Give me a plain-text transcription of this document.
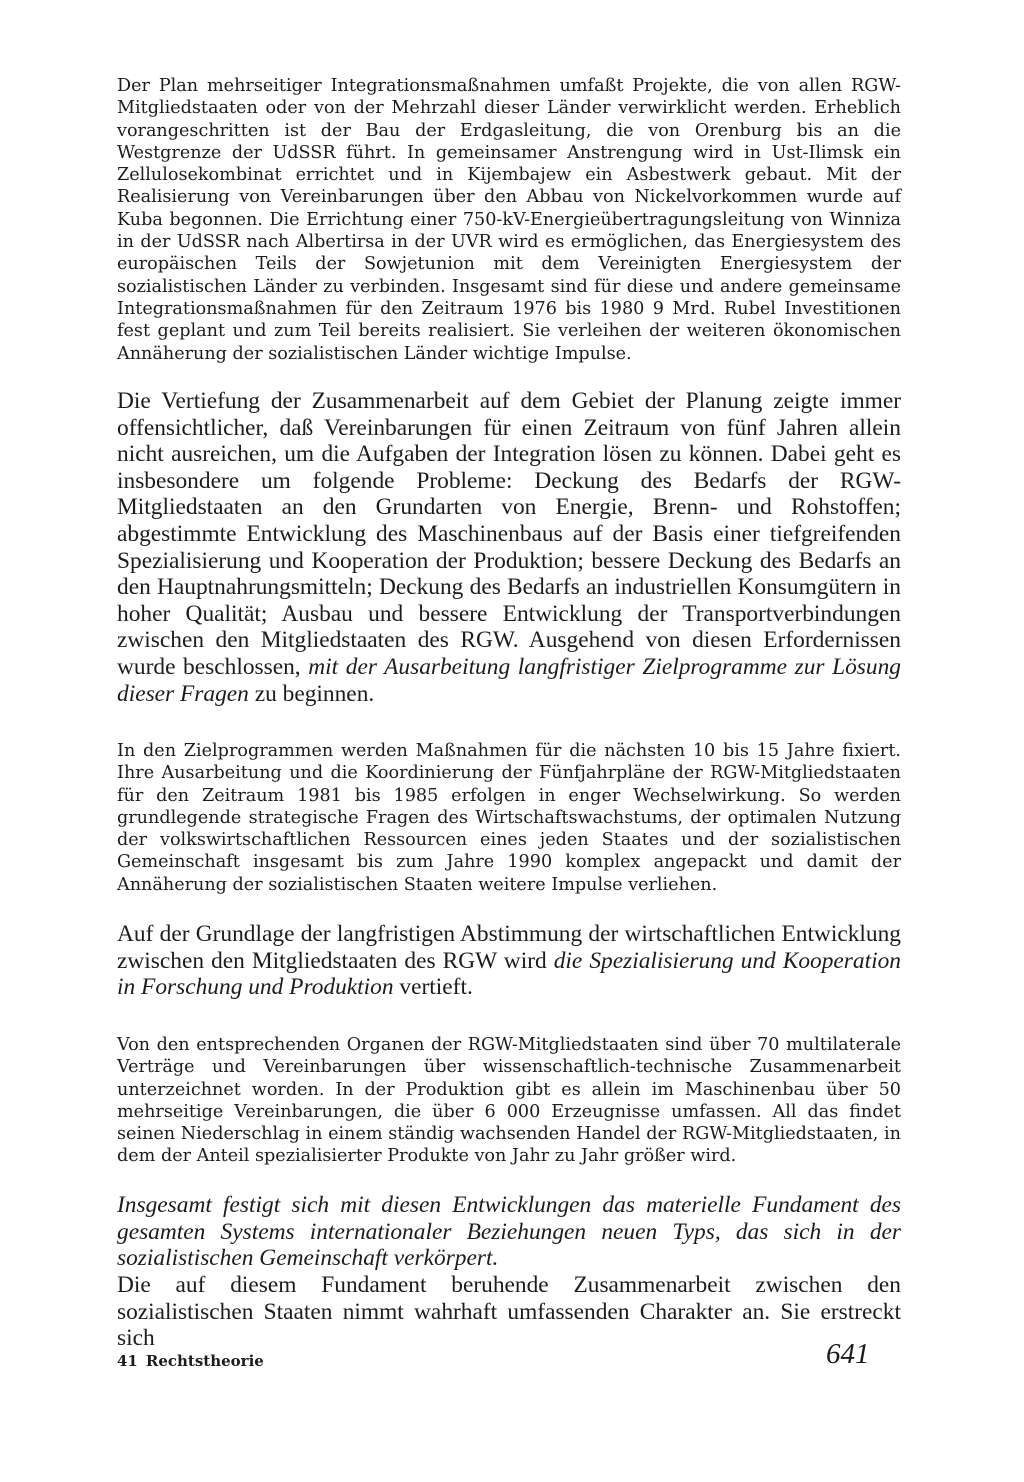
Der Plan mehrseitiger Integrationsmaßnahmen umfaßt Projekte, die von allen RGW-Mitgliedstaaten oder von der Mehrzahl dieser Länder verwirklicht werden. Erheblich vorangeschritten ist der Bau der Erdgasleitung, die von Orenburg bis an die Westgrenze der UdSSR führt. In gemeinsamer Anstrengung wird in Ust-Ilimsk ein Zellulosekombinat errichtet und in Kijembajew ein Asbestwerk gebaut. Mit der Realisierung von Vereinbarungen über den Abbau von Nickelvorkommen wurde auf Kuba begonnen. Die Errichtung einer 750-kV-Energieübertragungsleitung von Winniza in der UdSSR nach Albertirsa in der UVR wird es ermöglichen, das Energiesystem des europäischen Teils der Sowjetunion mit dem Vereinigten Energiesystem der sozialistischen Länder zu verbinden. Insgesamt sind für diese und andere gemeinsame Integrationsmaßnahmen für den Zeitraum 1976 bis 1980 9 Mrd. Rubel Investitionen fest geplant und zum Teil bereits realisiert. Sie verleihen der weiteren ökonomischen Annäherung der sozialistischen Länder wichtige Impulse.

Die Vertiefung der Zusammenarbeit auf dem Gebiet der Planung zeigte immer offensichtlicher, daß Vereinbarungen für einen Zeitraum von fünf Jahren allein nicht ausreichen, um die Aufgaben der Integration lösen zu können. Dabei geht es insbesondere um folgende Probleme: Deckung des Bedarfs der RGW-Mitgliedstaaten an den Grundarten von Energie, Brenn- und Rohstoffen; abgestimmte Entwicklung des Maschinenbaus auf der Basis einer tiefgreifenden Spezialisierung und Kooperation der Produktion; bessere Deckung des Bedarfs an den Hauptnahrungsmitteln; Deckung des Bedarfs an industriellen Konsumgütern in hoher Qualität; Ausbau und bessere Entwicklung der Transportverbindungen zwischen den Mitgliedstaaten des RGW. Ausgehend von diesen Erfordernissen wurde beschlossen, mit der Ausarbeitung langfristiger Zielprogramme zur Lösung dieser Fragen zu beginnen.

In den Zielprogrammen werden Maßnahmen für die nächsten 10 bis 15 Jahre fixiert. Ihre Ausarbeitung und die Koordinierung der Fünfjahrpläne der RGW-Mitgliedstaaten für den Zeitraum 1981 bis 1985 erfolgen in enger Wechselwirkung. So werden grundlegende strategische Fragen des Wirtschaftswachstums, der optimalen Nutzung der volkswirtschaftlichen Ressourcen eines jeden Staates und der sozialistischen Gemeinschaft insgesamt bis zum Jahre 1990 komplex angepackt und damit der Annäherung der sozialistischen Staaten weitere Impulse verliehen.

Auf der Grundlage der langfristigen Abstimmung der wirtschaftlichen Entwicklung zwischen den Mitgliedstaaten des RGW wird die Spezialisierung und Kooperation in Forschung und Produktion vertieft.

Von den entsprechenden Organen der RGW-Mitgliedstaaten sind über 70 multilaterale Verträge und Vereinbarungen über wissenschaftlich-technische Zusammenarbeit unterzeichnet worden. In der Produktion gibt es allein im Maschinenbau über 50 mehrseitige Vereinbarungen, die über 6 000 Erzeugnisse umfassen. All das findet seinen Niederschlag in einem ständig wachsenden Handel der RGW-Mitgliedstaaten, in dem der Anteil spezialisierter Produkte von Jahr zu Jahr größer wird.

Insgesamt festigt sich mit diesen Entwicklungen das materielle Fundament des gesamten Systems internationaler Beziehungen neuen Typs, das sich in der sozialistischen Gemeinschaft verkörpert.

Die auf diesem Fundament beruhende Zusammenarbeit zwischen den sozialistischen Staaten nimmt wahrhaft umfassenden Charakter an. Sie erstreckt sich

41 Rechtstheorie	641
